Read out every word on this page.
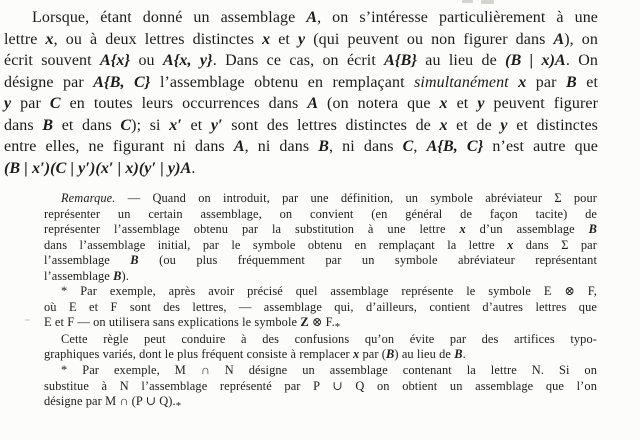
Lorsque, étant donné un assemblage A, on s’intéresse particulièrement à une
lettre x, ou à deux lettres distinctes x et y (qui peuvent ou non figurer dans A), on
écrit souvent A{x} ou A{x, y}. Dans ce cas, on écrit A{B} au lieu de (B | x)A. On
désigne par A{B, C} l’assemblage obtenu en remplaçant simultanément x par B et
y par C en toutes leurs occurrences dans A (on notera que x et y peuvent figurer
dans B et dans C); si x′ et y′ sont des lettres distinctes de x et de y et distinctes
entre elles, ne figurant ni dans A, ni dans B, ni dans C, A{B, C} n’est autre que
(B | x′)(C | y′)(x′ | x)(y′ | y)A.
Remarque. — Quand on introduit, par une définition, un symbole abréviateur Σ pour
représenter un certain assemblage, on convient (en général de façon tacite) de
représenter l’assemblage obtenu par la substitution à une lettre x d’un assemblage B
dans l’assemblage initial, par le symbole obtenu en remplaçant la lettre x dans Σ par
l’assemblage B (ou plus fréquemment par un symbole abréviateur représentant
l’assemblage B).
* Par exemple, après avoir précisé quel assemblage représente le symbole E ⊗ F,
où E et F sont des lettres, — assemblage qui, d’ailleurs, contient d’autres lettres que
E et F — on utilisera sans explications le symbole Z ⊗ F.*
Cette règle peut conduire à des confusions qu’on évite par des artifices typo-
graphiques variés, dont le plus fréquent consiste à remplacer x par (B) au lieu de B.
* Par exemple, M ∩ N désigne un assemblage contenant la lettre N. Si on
substitue à N l’assemblage représenté par P ∪ Q on obtient un assemblage que l’on
désigne par M ∩ (P ∪ Q).*
